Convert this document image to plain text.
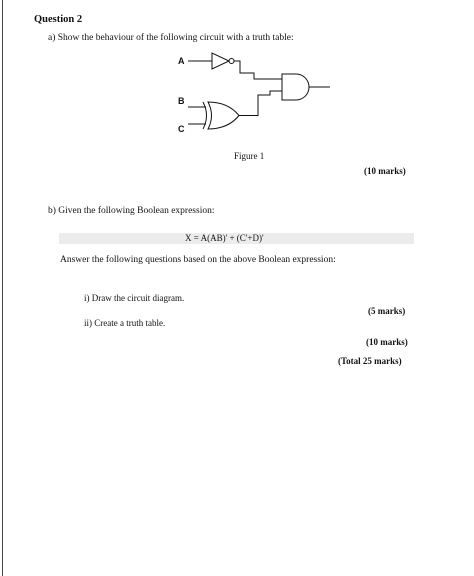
Question 2
a) Show the behaviour of the following circuit with a truth table:
A
B
C
Figure 1
(10 marks)
b) Given the following Boolean expression:
X = A(AB)' + (C'+D)'
Answer the following questions based on the above Boolean expression:
i) Draw the circuit diagram.
(5 marks)
ii) Create a truth table.
(10 marks)
(Total 25 marks)
